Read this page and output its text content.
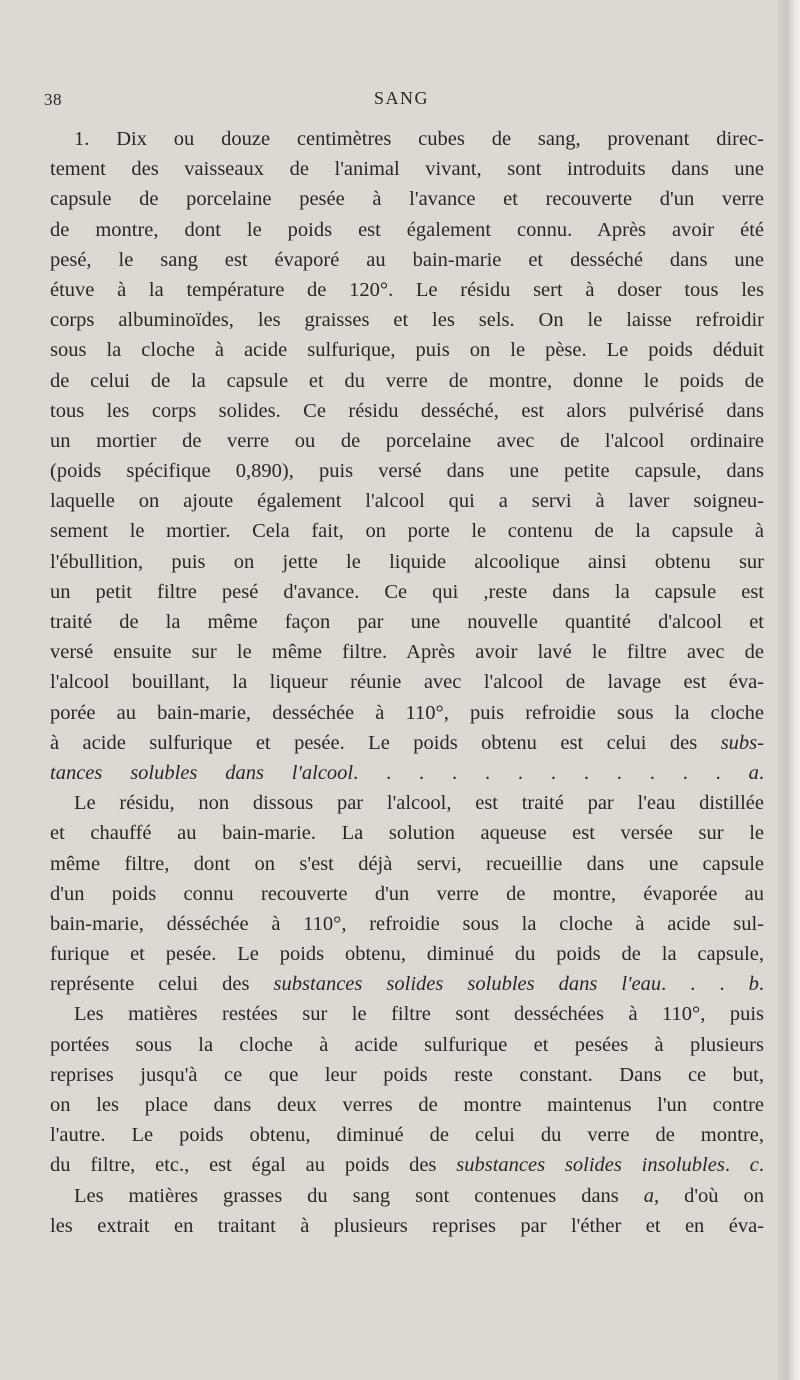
38	SANG
1. Dix ou douze centimètres cubes de sang, provenant direc-
tement des vaisseaux de l'animal vivant, sont introduits dans une
capsule de porcelaine pesée à l'avance et recouverte d'un verre
de montre, dont le poids est également connu. Après avoir été
pesé, le sang est évaporé au bain-marie et desséché dans une
étuve à la température de 120°. Le résidu sert à doser tous les
corps albuminoïdes, les graisses et les sels. On le laisse refroidir
sous la cloche à acide sulfurique, puis on le pèse. Le poids déduit
de celui de la capsule et du verre de montre, donne le poids de
tous les corps solides. Ce résidu desséché, est alors pulvérisé dans
un mortier de verre ou de porcelaine avec de l'alcool ordinaire
(poids spécifique 0,890), puis versé dans une petite capsule, dans
laquelle on ajoute également l'alcool qui a servi à laver soigneu-
sement le mortier. Cela fait, on porte le contenu de la capsule à
l'ébullition, puis on jette le liquide alcoolique ainsi obtenu sur
un petit filtre pesé d'avance. Ce qui ,reste dans la capsule est
traité de la même façon par une nouvelle quantité d'alcool et
versé ensuite sur le même filtre. Après avoir lavé le filtre avec de
l'alcool bouillant, la liqueur réunie avec l'alcool de lavage est éva-
porée au bain-marie, desséchée à 110°, puis refroidie sous la cloche
à acide sulfurique et pesée. Le poids obtenu est celui des subs-
tances solubles dans l'alcool. . . . . . . . . . . . a.
Le résidu, non dissous par l'alcool, est traité par l'eau distillée
et chauffé au bain-marie. La solution aqueuse est versée sur le
même filtre, dont on s'est déjà servi, recueillie dans une capsule
d'un poids connu recouverte d'un verre de montre, évaporée au
bain-marie, désséchée à 110°, refroidie sous la cloche à acide sul-
furique et pesée. Le poids obtenu, diminué du poids de la capsule,
représente celui des substances solides solubles dans l'eau. . . b.
Les matières restées sur le filtre sont desséchées à 110°, puis
portées sous la cloche à acide sulfurique et pesées à plusieurs
reprises jusqu'à ce que leur poids reste constant. Dans ce but,
on les place dans deux verres de montre maintenus l'un contre
l'autre. Le poids obtenu, diminué de celui du verre de montre,
du filtre, etc., est égal au poids des substances solides insolubles. c.
Les matières grasses du sang sont contenues dans a, d'où on
les extrait en traitant à plusieurs reprises par l'éther et en éva-
